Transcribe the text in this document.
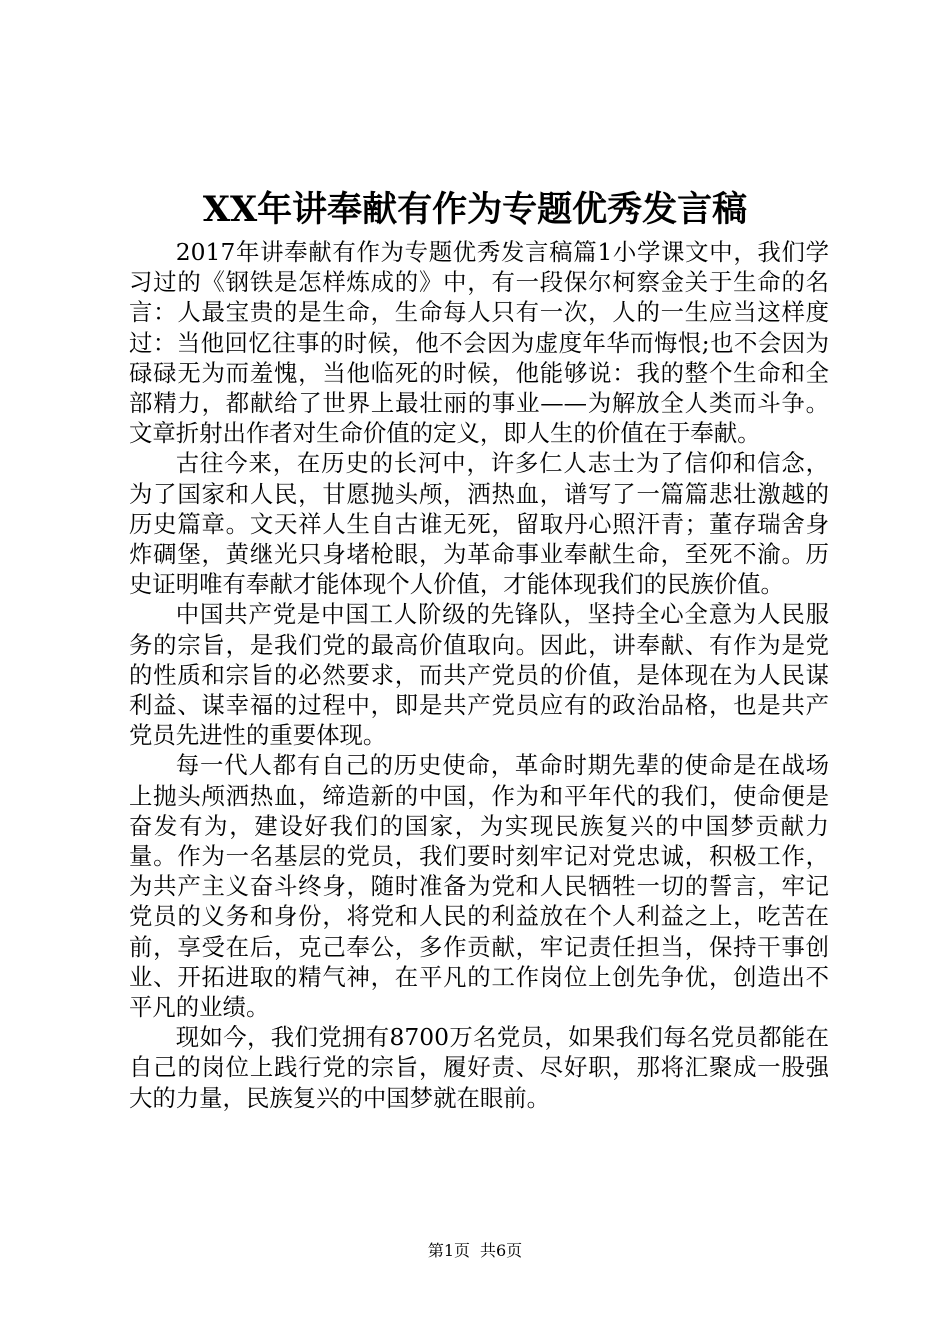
XX年讲奉献有作为专题优秀发言稿

2017年讲奉献有作为专题优秀发言稿篇1小学课文中，我们学习过的《钢铁是怎样炼成的》中，有一段保尔柯察金关于生命的名言：人最宝贵的是生命，生命每人只有一次，人的一生应当这样度过：当他回忆往事的时候，他不会因为虚度年华而悔恨;也不会因为碌碌无为而羞愧，当他临死的时候，他能够说：我的整个生命和全部精力，都献给了世界上最壮丽的事业——为解放全人类而斗争。文章折射出作者对生命价值的定义，即人生的价值在于奉献。

古往今来，在历史的长河中，许多仁人志士为了信仰和信念，为了国家和人民，甘愿抛头颅，洒热血，谱写了一篇篇悲壮激越的历史篇章。文天祥人生自古谁无死，留取丹心照汗青；董存瑞舍身炸碉堡，黄继光只身堵枪眼，为革命事业奉献生命，至死不渝。历史证明唯有奉献才能体现个人价值，才能体现我们的民族价值。

中国共产党是中国工人阶级的先锋队，坚持全心全意为人民服务的宗旨，是我们党的最高价值取向。因此，讲奉献、有作为是党的性质和宗旨的必然要求，而共产党员的价值，是体现在为人民谋利益、谋幸福的过程中，即是共产党员应有的政治品格，也是共产党员先进性的重要体现。

每一代人都有自己的历史使命，革命时期先辈的使命是在战场上抛头颅洒热血，缔造新的中国，作为和平年代的我们，使命便是奋发有为，建设好我们的国家，为实现民族复兴的中国梦贡献力量。作为一名基层的党员，我们要时刻牢记对党忠诚，积极工作，为共产主义奋斗终身，随时准备为党和人民牺牲一切的誓言，牢记党员的义务和身份，将党和人民的利益放在个人利益之上，吃苦在前，享受在后，克己奉公，多作贡献，牢记责任担当，保持干事创业、开拓进取的精气神，在平凡的工作岗位上创先争优，创造出不平凡的业绩。

现如今，我们党拥有8700万名党员，如果我们每名党员都能在自己的岗位上践行党的宗旨，履好责、尽好职，那将汇聚成一股强大的力量，民族复兴的中国梦就在眼前。

第1页 共6页
